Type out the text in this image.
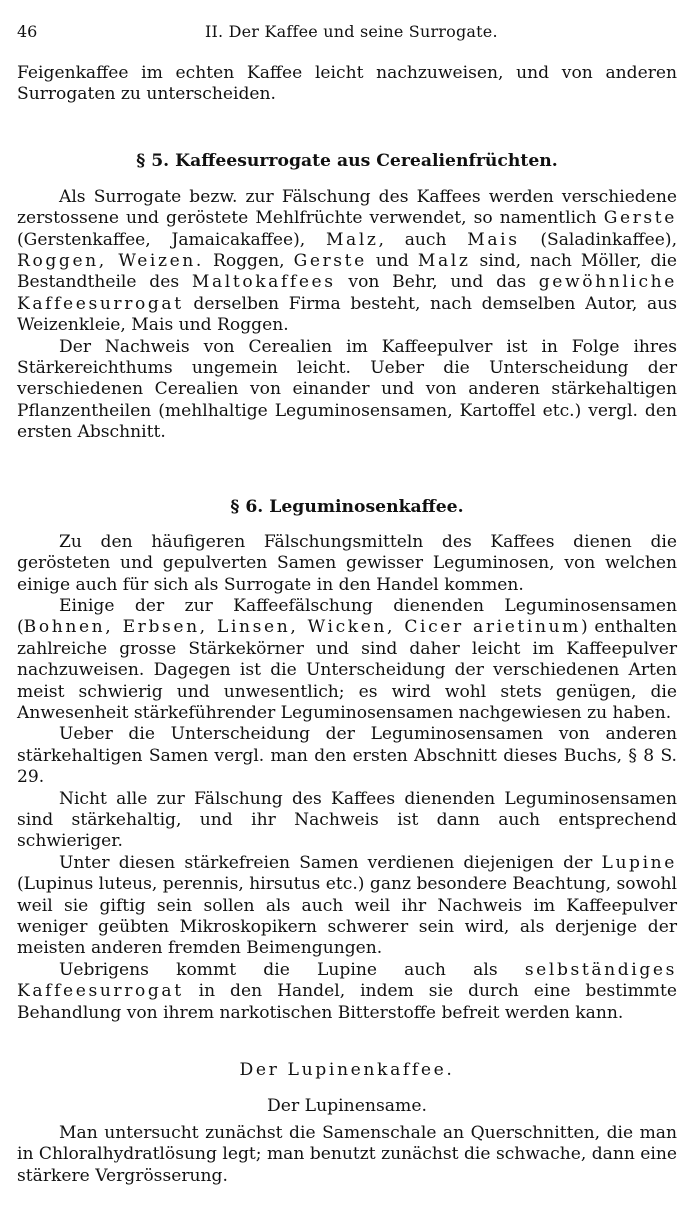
46	II. Der Kaffee und seine Surrogate.

Feigenkaffee im echten Kaffee leicht nachzuweisen, und von anderen Surrogaten zu unterscheiden.

§ 5. Kaffeesurrogate aus Cerealienfrüchten.

Als Surrogate bezw. zur Fälschung des Kaffees werden verschiedene zerstossene und geröstete Mehlfrüchte verwendet, so namentlich Gerste (Gerstenkaffee, Jamaicakaffee), Malz, auch Mais (Saladinkaffee), Roggen, Weizen. Roggen, Gerste und Malz sind, nach Möller, die Bestandtheile des Maltokaffees von Behr, und das gewöhnliche Kaffeesurrogat derselben Firma besteht, nach demselben Autor, aus Weizenkleie, Mais und Roggen.

Der Nachweis von Cerealien im Kaffeepulver ist in Folge ihres Stärkereichthums ungemein leicht. Ueber die Unterscheidung der verschiedenen Cerealien von einander und von anderen stärkehaltigen Pflanzentheilen (mehlhaltige Leguminosensamen, Kartoffel etc.) vergl. den ersten Abschnitt.

§ 6. Leguminosenkaffee.

Zu den häufigeren Fälschungsmitteln des Kaffees dienen die gerösteten und gepulverten Samen gewisser Leguminosen, von welchen einige auch für sich als Surrogate in den Handel kommen.

Einige der zur Kaffeefälschung dienenden Leguminosensamen (Bohnen, Erbsen, Linsen, Wicken, Cicer arietinum) enthalten zahlreiche grosse Stärkekörner und sind daher leicht im Kaffeepulver nachzuweisen. Dagegen ist die Unterscheidung der verschiedenen Arten meist schwierig und unwesentlich; es wird wohl stets genügen, die Anwesenheit stärkeführender Leguminosensamen nachgewiesen zu haben.

Ueber die Unterscheidung der Leguminosensamen von anderen stärkehaltigen Samen vergl. man den ersten Abschnitt dieses Buchs, § 8 S. 29.

Nicht alle zur Fälschung des Kaffees dienenden Leguminosensamen sind stärkehaltig, und ihr Nachweis ist dann auch entsprechend schwieriger.

Unter diesen stärkefreien Samen verdienen diejenigen der Lupine (Lupinus luteus, perennis, hirsutus etc.) ganz besondere Beachtung, sowohl weil sie giftig sein sollen als auch weil ihr Nachweis im Kaffeepulver weniger geübten Mikroskopikern schwerer sein wird, als derjenige der meisten anderen fremden Beimengungen.

Uebrigens kommt die Lupine auch als selbständiges Kaffeesurrogat in den Handel, indem sie durch eine bestimmte Behandlung von ihrem narkotischen Bitterstoffe befreit werden kann.

Der Lupinenkaffee.
Der Lupinensame.

Man untersucht zunächst die Samenschale an Querschnitten, die man in Chloralhydratlösung legt; man benutzt zunächst die schwache, dann eine stärkere Vergrösserung.
